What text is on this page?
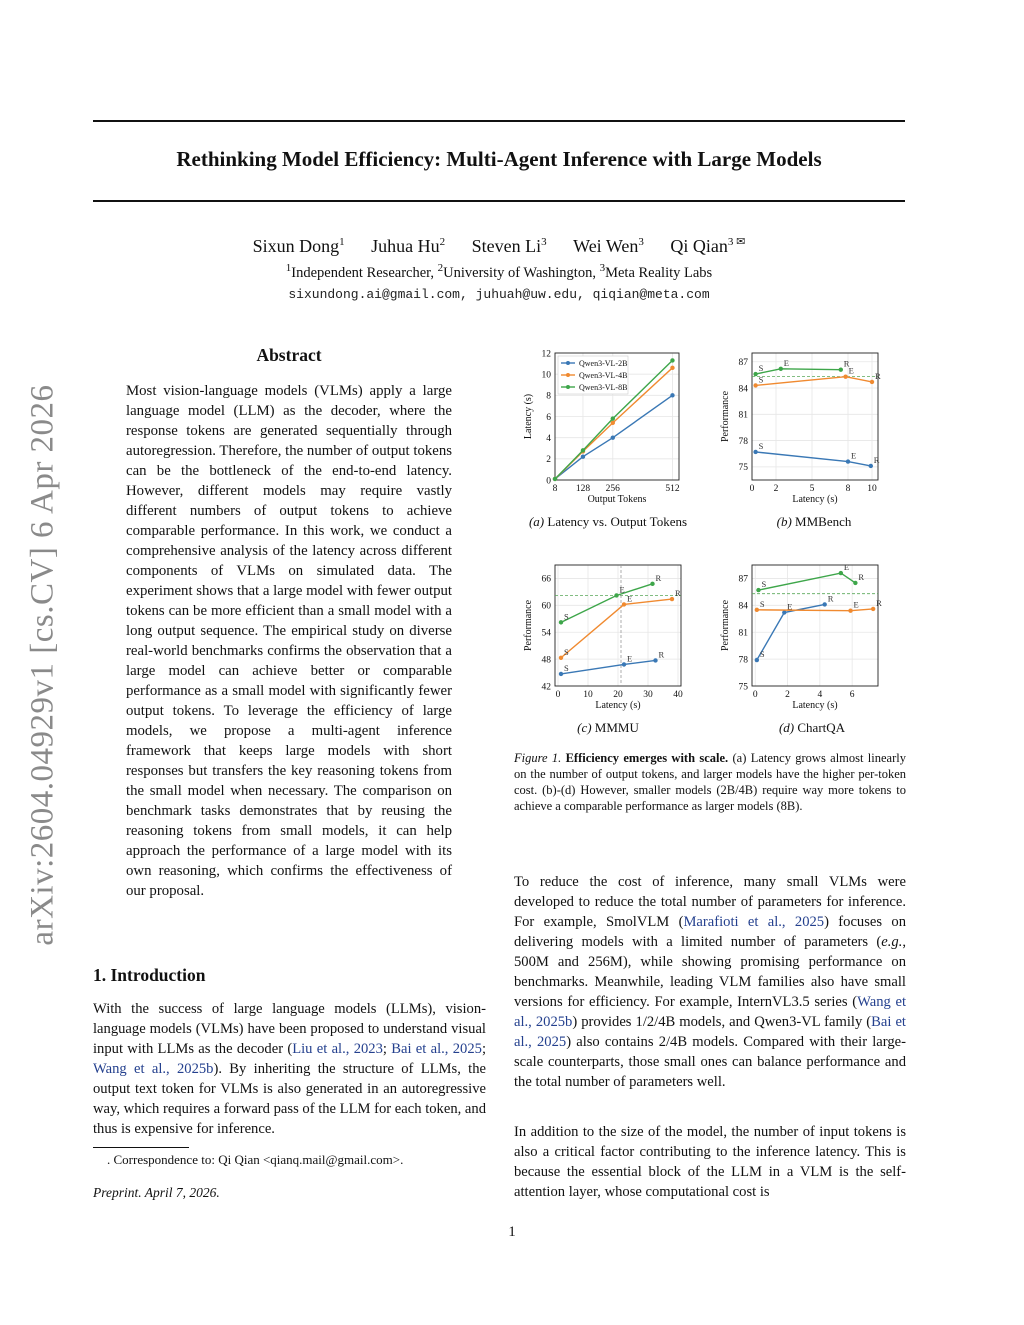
Rethinking Model Efficiency: Multi-Agent Inference with Large Models
Sixun Dong$^1$ Juhua Hu$^2$ Steven Li$^3$ Wei Wen$^3$ Qi Qian$^{3 ✉}$
$^1$Independent Researcher, $^2$University of Washington, $^3$Meta Reality Labs
sixundong.ai@gmail.com, juhuah@uw.edu, qiqian@meta.com
arXiv:2604.04929v1 [cs.CV] 6 Apr 2026
Abstract
Most vision-language models (VLMs) apply a large language model (LLM) as the decoder, where the response tokens are generated sequentially through autoregression. Therefore, the number of output tokens can be the bottleneck of the end-to-end latency. However, different models may require vastly different numbers of output tokens to achieve comparable performance. In this work, we conduct a comprehensive analysis of the latency across different components of VLMs on simulated data. The experiment shows that a large model with fewer output tokens can be more efficient than a small model with a long output sequence. The empirical study on diverse real-world benchmarks confirms the observation that a large model can achieve better or comparable performance as a small model with significantly fewer output tokens. To leverage the efficiency of large models, we propose a multi-agent inference framework that keeps large models with short responses but transfers the key reasoning tokens from the small model when necessary. The comparison on benchmark tasks demonstrates that by reusing the reasoning tokens from small models, it can help approach the performance of a large model with its own reasoning, which confirms the effectiveness of our proposal.
1. Introduction
With the success of large language models (LLMs), vision-language models (VLMs) have been proposed to understand visual input with LLMs as the decoder (Liu et al., 2023; Bai et al., 2025; Wang et al., 2025b). By inheriting the structure of LLMs, the output text token for VLMs is also generated in an autoregressive way, which requires a forward pass of the LLM for each token, and thus is expensive for inference.
. Correspondence to: Qi Qian <qianq.mail@gmail.com>.
Preprint. April 7, 2026.
8 128 256	512
0
2
4
6
8
10
12
Output Tokens
Latency (s)
Qwen3-VL-2B
Qwen3-VL-4B
Qwen3-VL-8B
(a) Latency vs. Output Tokens
0 2	5	8 10
75
78
81
84
87
Latency (s)
Performance
S
E R
S
E
R
S
E	R
(b) MMBench
0 10 20 30 40
42
48
54
60
66
Latency (s)
Performance
S
E	R
S
E
R
S
E
R
(c) MMMU
0	2	4	6
75
78
81
84
87
Latency (s)
Performance
S
E
R
S	E R
S
E
R
(d) ChartQA
Figure 1. Efficiency emerges with scale. (a) Latency grows almost linearly on the number of output tokens, and larger models have the higher per-token cost. (b)-(d) However, smaller models (2B/4B) require way more tokens to achieve a comparable performance as larger models (8B).
To reduce the cost of inference, many small VLMs were developed to reduce the total number of parameters for inference. For example, SmolVLM (Marafioti et al., 2025) focuses on delivering models with a limited number of parameters (e.g., 500M and 256M), while showing promising performance on benchmarks. Meanwhile, leading VLM families also have small versions for efficiency. For example, InternVL3.5 series (Wang et al., 2025b) provides 1/2/4B models, and Qwen3-VL family (Bai et al., 2025) also contains 2/4B models. Compared with their large-scale counterparts, those small ones can balance performance and the total number of parameters well.
In addition to the size of the model, the number of input tokens is also a critical factor contributing to the inference latency. This is because the essential block of the LLM in a VLM is the self-attention layer, whose computational cost is
1
